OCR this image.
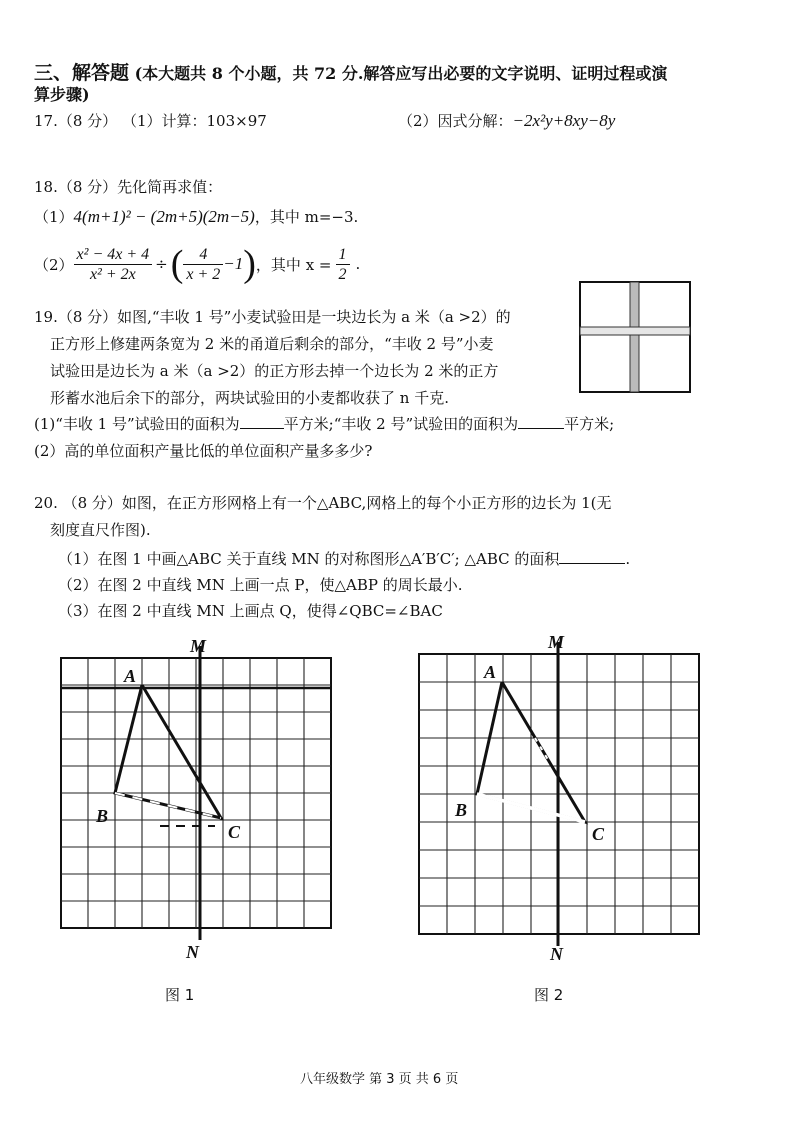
三、解答题 (本大题共 8 个小题，共 72 分.解答应写出必要的文字说明、证明过程或演
算步骤)
17.（8 分） （1）计算：103×97	（2）因式分解：−2x²y+8xy−8y
18.（8 分）先化简再求值：
（1）4(m+1)² − (2m+5)(2m−5)，其中 m=−3.
$(2) \frac{\text{x² − 4x + 4}}{\text{x² + 2x}}$ ÷ ( $\frac{4}{x + 2} -1$ ) ，其中 $x = \frac{1}{2}$ .
19.（8 分）如图,“丰收 1 号”小麦试验田是一块边长为 a 米（a >2）的
正方形上修建两条宽为 2 米的甬道后剩余的部分，“丰收 2 号”小麦
试验田是边长为 a 米（a >2）的正方形去掉一个边长为 2 米的正方
形蓄水池后余下的部分，两块试验田的小麦都收获了 n 千克.
(1)“丰收 1 号”试验田的面积为	平方米;“丰收 2 号”试验田的面积为	平方米;
(2）高的单位面积产量比低的单位面积产量多多少?
20. （8 分）如图，在正方形网格上有一个△ABC,网格上的每个小正方形的边长为 1(无
刻度直尺作图).
（1）在图 1 中画△ABC 关于直线 MN 的对称图形△A′B′C′; △ABC 的面积	.
（2）在图 2 中直线 MN 上画一点 P，使△ABP 的周长最小.
（3）在图 2 中直线 MN 上画点 Q，使得∠QBC=∠BAC
M
N
A
B
C
图 1
M
N
A
B
C
图 2
八年级数学 第 3 页 共 6 页
